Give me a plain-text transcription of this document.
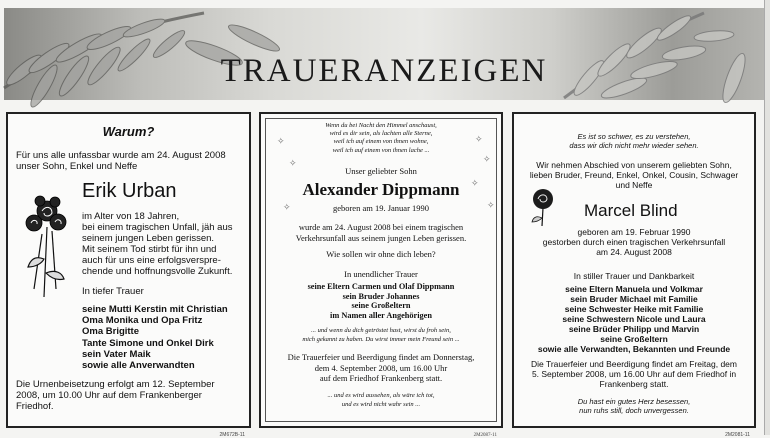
TRAUERANZEIGEN
Warum?
Für uns alle unfassbar wurde am 24. August 2008
unser Sohn, Enkel und Neffe
Erik Urban
im Alter von 18 Jahren,
bei einem tragischen Unfall, jäh aus
seinem jungen Leben gerissen.
Mit seinem Tod stirbt für ihn und
auch für uns eine erfolgsverspre-
chende und hoffnungsvolle Zukunft.
In tiefer Trauer
seine Mutti Kerstin mit Christian
Oma Monika und Opa Fritz
Oma Brigitte
Tante Simone und Onkel Dirk
sein Vater Maik
sowie alle Anverwandten
Die Urnenbeisetzung erfolgt am 12. September
2008, um 10.00 Uhr auf dem Frankenberger
Friedhof.
2M672B-11
✧
✧
✧
✧
✧
✧
✧
Wenn du bei Nacht den Himmel anschaust,
wird es dir sein, als lachten alle Sterne,
weil ich auf einem von ihnen wohne,
weil ich auf einem von ihnen lache ...
Unser geliebter Sohn
Alexander Dippmann
geboren am 19. Januar 1990
wurde am 24. August 2008 bei einem tragischen
Verkehrsunfall aus seinem jungen Leben gerissen.
Wie sollen wir ohne dich leben?
In unendlicher Trauer
seine Eltern Carmen und Olaf Dippmann
sein Bruder Johannes
seine Großeltern
im Namen aller Angehörigen
... und wenn du dich getröstet hast, wirst du froh sein,
mich gekannt zu haben. Du wirst immer mein Freund sein ...
Die Trauerfeier und Beerdigung findet am Donnerstag,
dem 4. September 2008, um 16.00 Uhr
auf dem Friedhof Frankenberg statt.
... und es wird aussehen, als wäre ich tot,
und es wird nicht wahr sein ...
2M2087-11
Es ist so schwer, es zu verstehen,
dass wir dich nicht mehr wieder sehen.
Wir nehmen Abschied von unserem geliebten Sohn,
lieben Bruder, Freund, Enkel, Onkel, Cousin, Schwager
und Neffe
Marcel Blind
geboren am 19. Februar 1990
gestorben durch einen tragischen Verkehrsunfall
am 24. August 2008
In stiller Trauer und Dankbarkeit
seine Eltern Manuela und Volkmar
sein Bruder Michael mit Familie
seine Schwester Heike mit Familie
seine Schwestern Nicole und Laura
seine Brüder Philipp und Marvin
seine Großeltern
sowie alle Verwandten, Bekannten und Freunde
Die Trauerfeier und Beerdigung findet am Freitag, dem
5. September 2008, um 16.00 Uhr auf dem Friedhof in
Frankenberg statt.
Du hast ein gutes Herz besessen,
nun ruhs still, doch unvergessen.
2M2081-11
